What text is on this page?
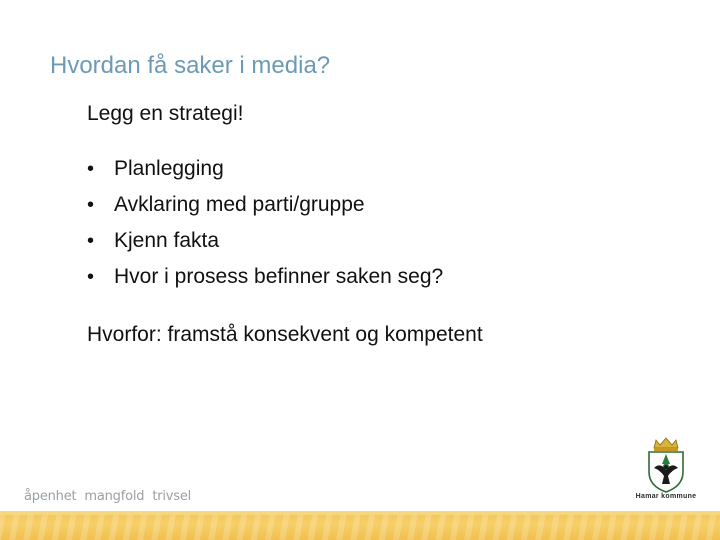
Hvordan få saker i media?
Legg en strategi!
• Planlegging
• Avklaring med parti/gruppe
• Kjenn fakta
• Hvor i prosess befinner saken seg?
Hvorfor: framstå konsekvent og kompetent
åpenhet mangfold trivsel	Hamar kommune
